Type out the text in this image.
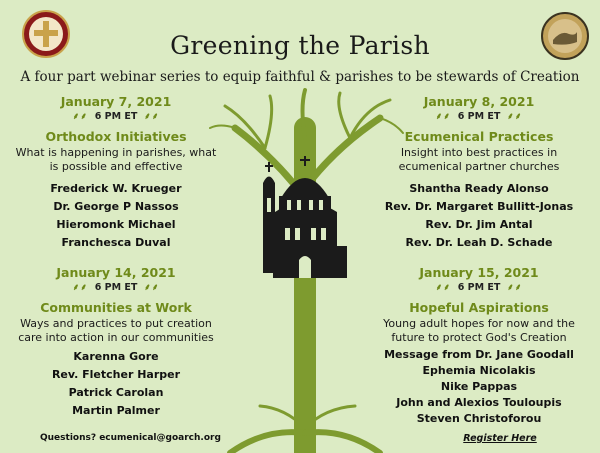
Greening the Parish
A four part webinar series to equip faithful & parishes to be stewards of Creation
January 7, 2021
⸙⸙ 6 PM ET ⸙⸙
Orthodox Initiatives
What is happening in parishes, what is possible and effective
Frederick W. Krueger
Dr. George P Nassos
Hieromonk Michael
Franchesca Duval
January 8, 2021
⸙⸙ 6 PM ET ⸙⸙
Ecumenical Practices
Insight into best practices in ecumenical partner churches
Shantha Ready Alonso
Rev. Dr. Margaret Bullitt-Jonas
Rev. Dr. Jim Antal
Rev. Dr. Leah D. Schade
January 14, 2021
⸙⸙ 6 PM ET ⸙⸙
Communities at Work
Ways and practices to put creation care into action in our communities
Karenna Gore
Rev. Fletcher Harper
Patrick Carolan
Martin Palmer
January 15, 2021
⸙⸙ 6 PM ET ⸙⸙
Hopeful Aspirations
Young adult hopes for now and the future to protect God's Creation
Message from Dr. Jane Goodall
Ephemia Nicolakis
Nike Pappas
John and Alexios Touloupis
Steven Christoforou
Questions? ecumenical@goarch.org	Register Here
